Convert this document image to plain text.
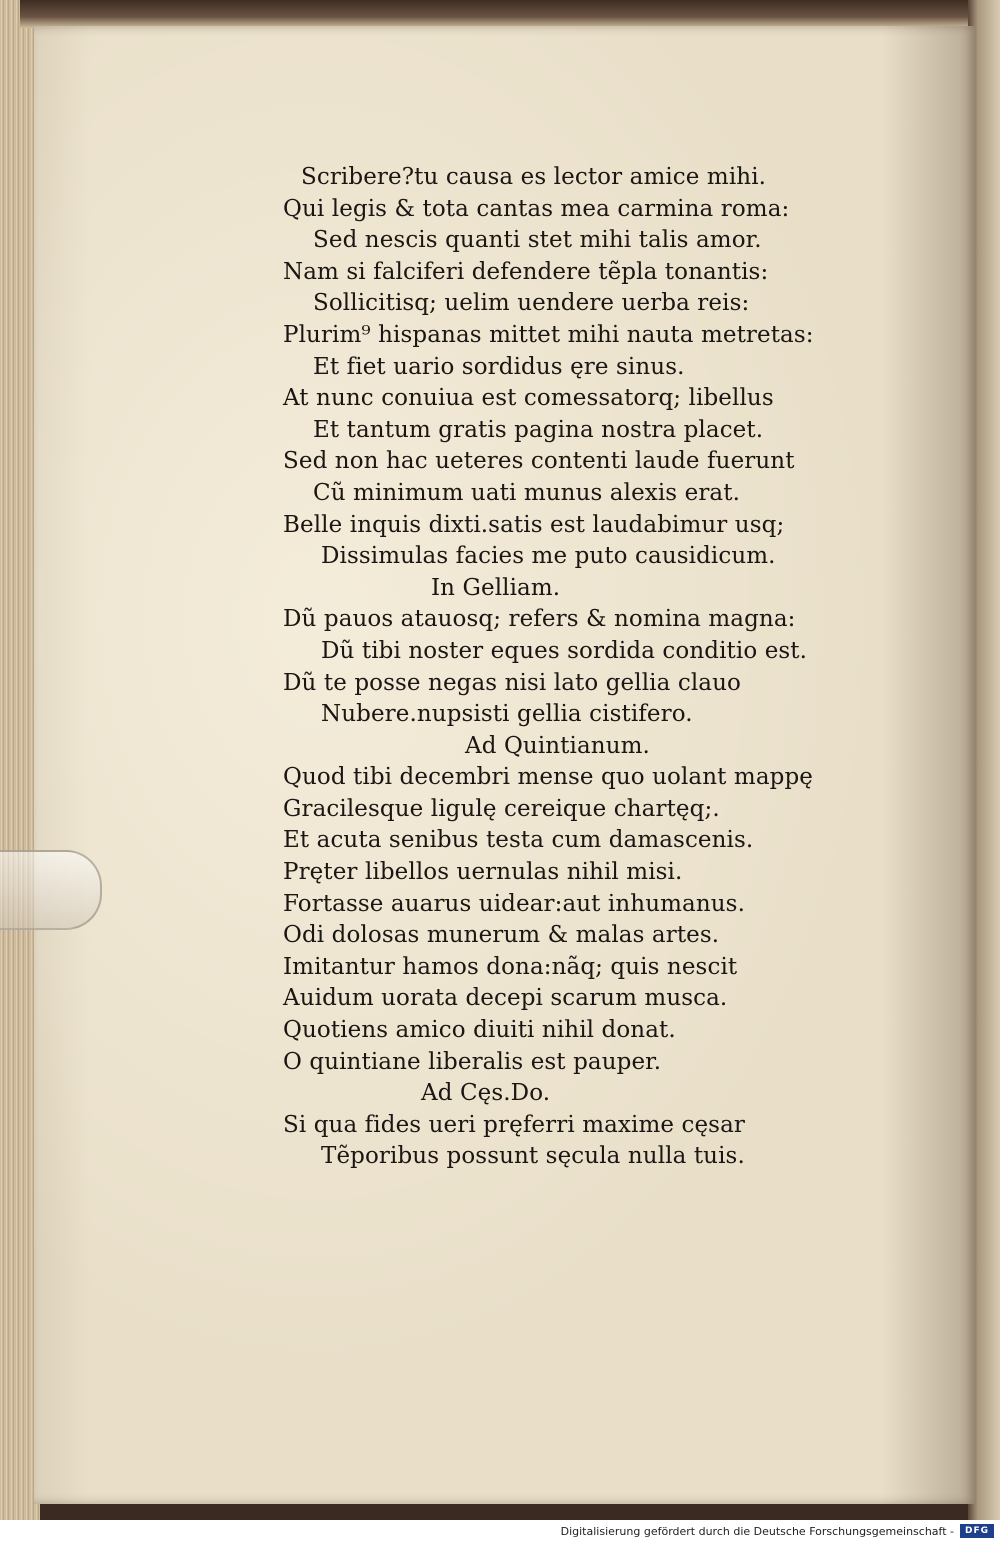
Scribere?tu causa es lector amice mihi.
Qui legis & tota cantas mea carmina roma:
Sed nescis quanti stet mihi talis amor.
Nam si falciferi defendere tẽpla tonantis:
Sollicitisq; uelim uendere uerba reis:
Plurim⁹ hispanas mittet mihi nauta metretas:
Et fiet uario sordidus ęre sinus.
At nunc conuiua est comessatorq; libellus
Et tantum gratis pagina nostra placet.
Sed non hac ueteres contenti laude fuerunt
Cũ minimum uati munus alexis erat.
Belle inquis dixti.satis est laudabimur usq;
Dissimulas facies me puto causidicum.
In Gelliam.
Dũ pauos atauosq; refers & nomina magna:
Dũ tibi noster eques sordida conditio est.
Dũ te posse negas nisi lato gellia clauo
Nubere.nupsisti gellia cistifero.
Ad Quintianum.
Quod tibi decembri mense quo uolant mappę
Gracilesque ligulę cereique chartęq;.
Et acuta senibus testa cum damascenis.
Pręter libellos uernulas nihil misi.
Fortasse auarus uidear:aut inhumanus.
Odi dolosas munerum & malas artes.
Imitantur hamos dona:nãq; quis nescit
Auidum uorata decepi scarum musca.
Quotiens amico diuiti nihil donat.
O quintiane liberalis est pauper.
Ad Cęs.Do.
Si qua fides ueri pręferri maxime cęsar
Tẽporibus possunt sęcula nulla tuis.
Digitalisierung gefördert durch die Deutsche Forschungsgemeinschaft -	DFG
